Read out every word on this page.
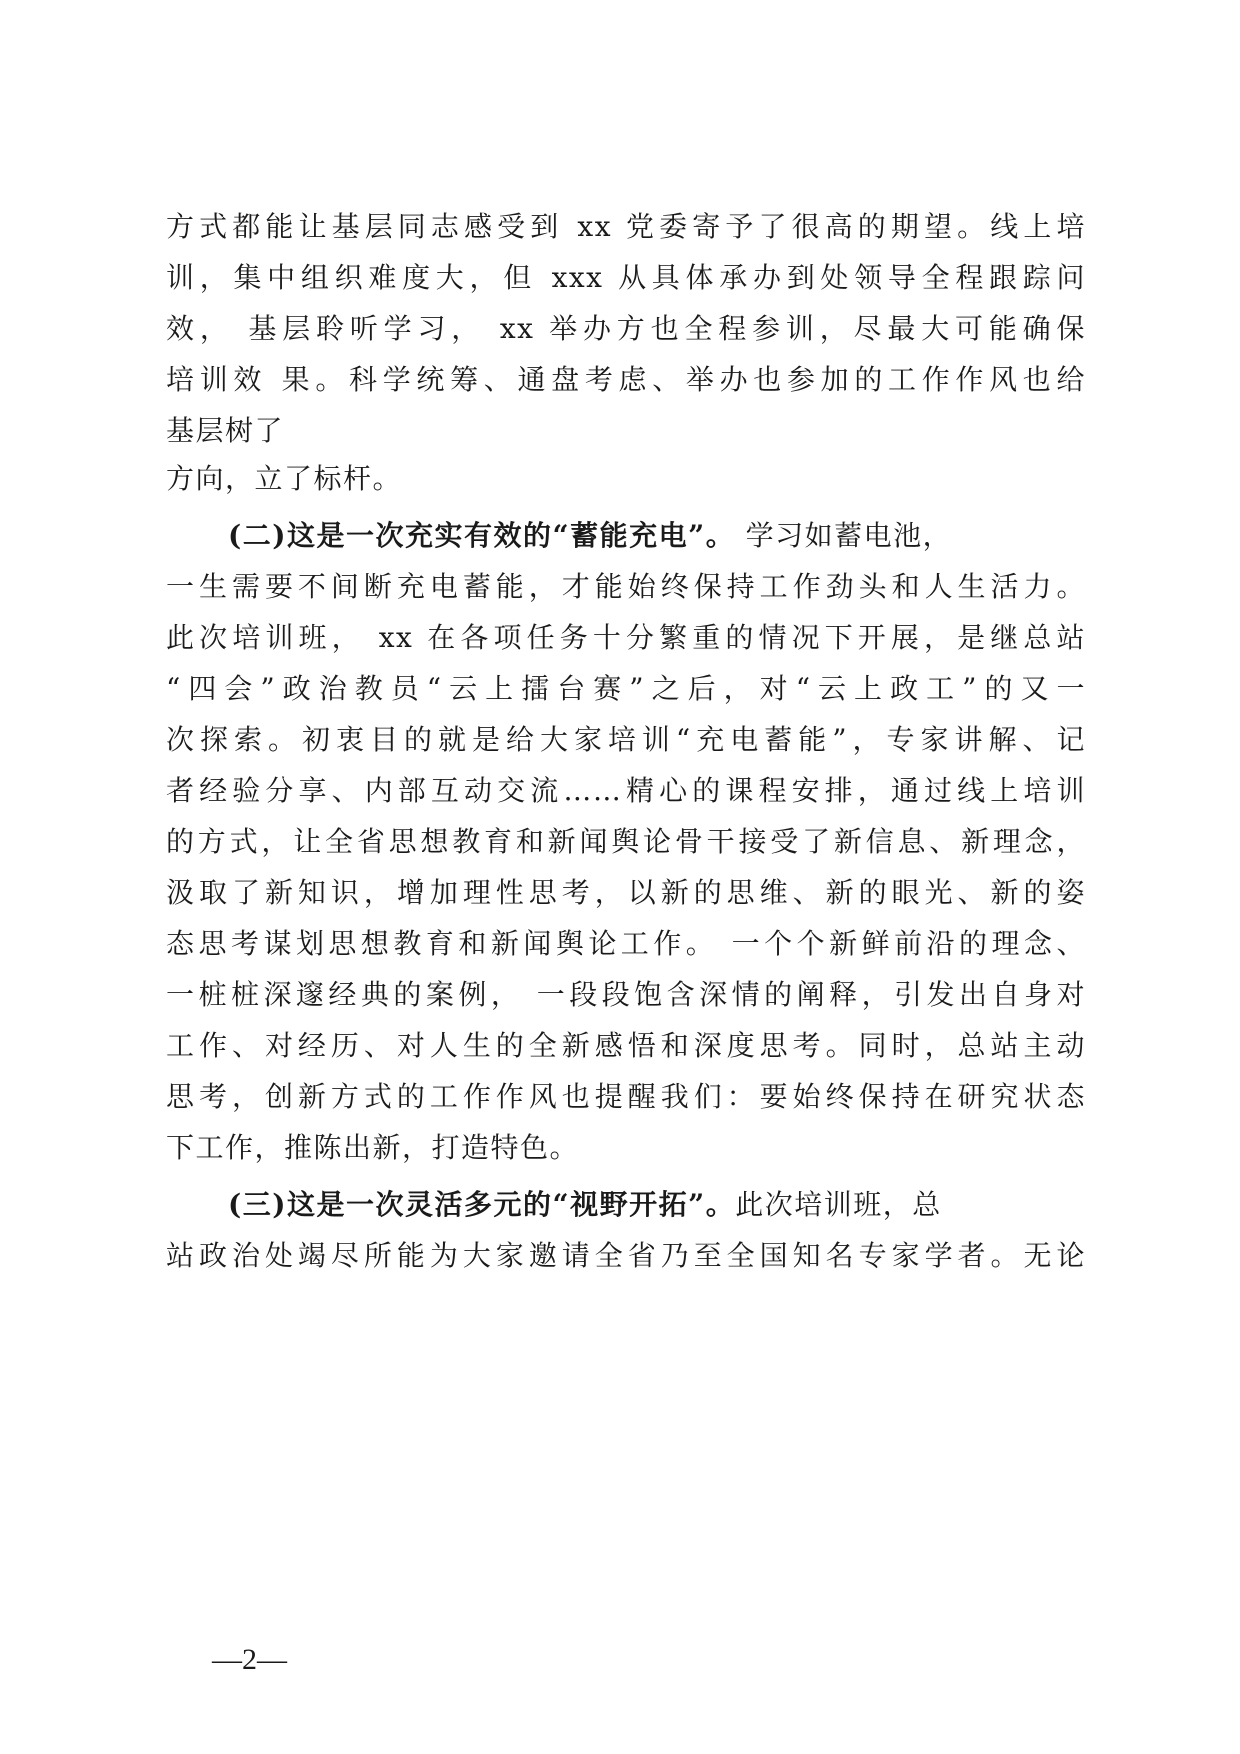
方式都能让基层同志感受到 xx 党委寄予了很高的期望。线上培
训，集中组织难度大，但 xxx 从具体承办到处领导全程跟踪问
效， 基层聆听学习， xx 举办方也全程参训，尽最大可能确保
培训效 果。科学统筹、通盘考虑、举办也参加的工作作风也给
基层树了
方向，立了标杆。
(二)这是一次充实有效的“蓄能充电”。 学习如蓄电池，
一生需要不间断充电蓄能，才能始终保持工作劲头和人生活力。
此次培训班， xx 在各项任务十分繁重的情况下开展，是继总站
“四会”政治教员“云上擂台赛”之后，对“云上政工”的又一
次探索。初衷目的就是给大家培训“充电蓄能”，专家讲解、记
者经验分享、内部互动交流……精心的课程安排，通过线上培训
的方式，让全省思想教育和新闻舆论骨干接受了新信息、新理念，
汲取了新知识，增加理性思考，以新的思维、新的眼光、新的姿
态思考谋划思想教育和新闻舆论工作。 一个个新鲜前沿的理念、
一桩桩深邃经典的案例， 一段段饱含深情的阐释，引发出自身对
工作、对经历、对人生的全新感悟和深度思考。同时，总站主动
思考，创新方式的工作作风也提醒我们：要始终保持在研究状态
下工作，推陈出新，打造特色。
(三)这是一次灵活多元的“视野开拓”。此次培训班，总
站政治处竭尽所能为大家邀请全省乃至全国知名专家学者。无论
—2—
